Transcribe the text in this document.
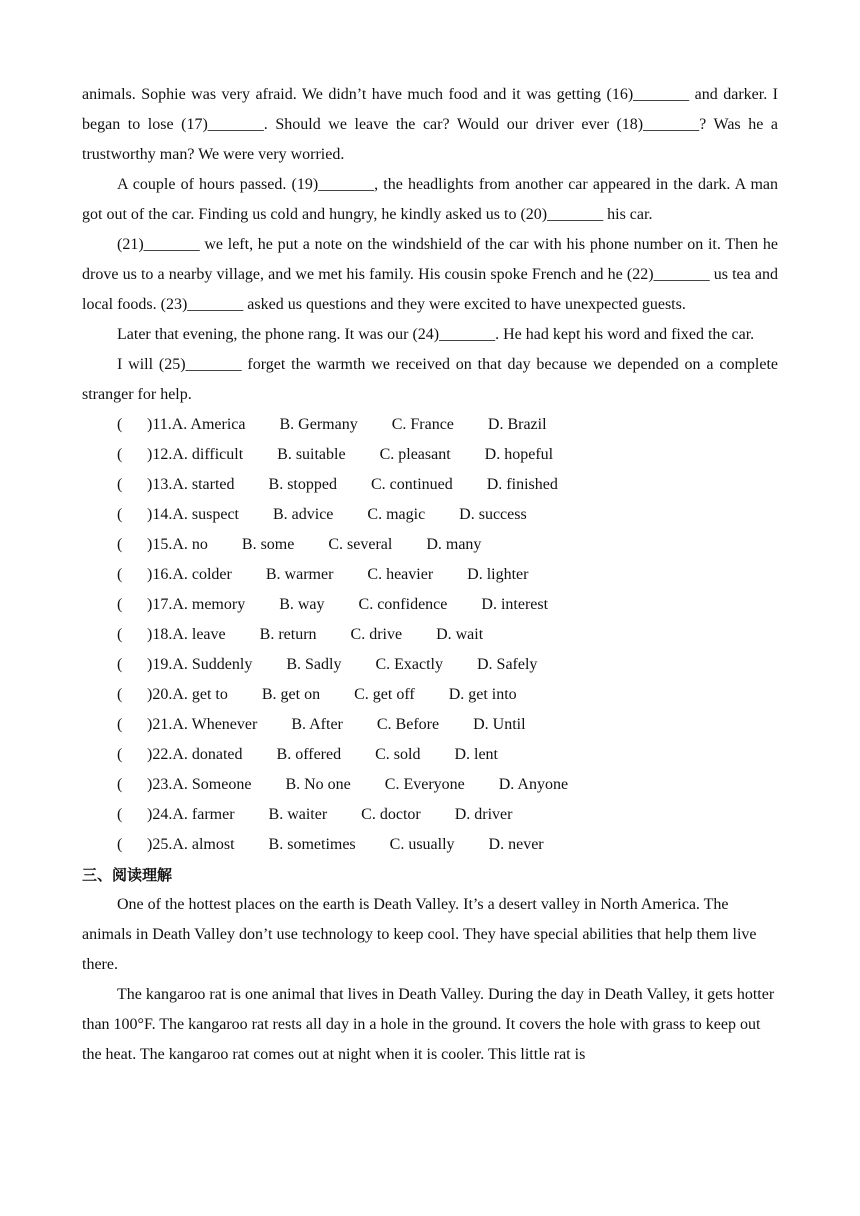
animals. Sophie was very afraid. We didn’t have much food and it was getting (16)_______ and darker. I began to lose (17)_______. Should we leave the car? Would our driver ever (18)_______? Was he a trustworthy man? We were very worried.

A couple of hours passed. (19)_______, the headlights from another car appeared in the dark. A man got out of the car. Finding us cold and hungry, he kindly asked us to (20)_______ his car.

(21)_______ we left, he put a note on the windshield of the car with his phone number on it. Then he drove us to a nearby village, and we met his family. His cousin spoke French and he (22)_______ us tea and local foods. (23)_______ asked us questions and they were excited to have unexpected guests.

Later that evening, the phone rang. It was our (24)_______. He had kept his word and fixed the car.

I will (25)_______ forget the warmth we received on that day because we depended on a complete stranger for help.

( )11.A. America B. Germany C. France D. Brazil
( )12.A. difficult B. suitable C. pleasant D. hopeful
( )13.A. started B. stopped C. continued D. finished
( )14.A. suspect B. advice C. magic D. success
( )15.A. no B. some C. several D. many
( )16.A. colder B. warmer C. heavier D. lighter
( )17.A. memory B. way C. confidence D. interest
( )18.A. leave B. return C. drive D. wait
( )19.A. Suddenly B. Sadly C. Exactly D. Safely
( )20.A. get to B. get on C. get off D. get into
( )21.A. Whenever B. After C. Before D. Until
( )22.A. donated B. offered C. sold D. lent
( )23.A. Someone B. No one C. Everyone D. Anyone
( )24.A. farmer B. waiter C. doctor D. driver
( )25.A. almost B. sometimes C. usually D. never
三、阅读理解

One of the hottest places on the earth is Death Valley. It’s a desert valley in North America. The animals in Death Valley don’t use technology to keep cool. They have special abilities that help them live there.

The kangaroo rat is one animal that lives in Death Valley. During the day in Death Valley, it gets hotter than 100°F. The kangaroo rat rests all day in a hole in the ground. It covers the hole with grass to keep out the heat. The kangaroo rat comes out at night when it is cooler. This little rat is
